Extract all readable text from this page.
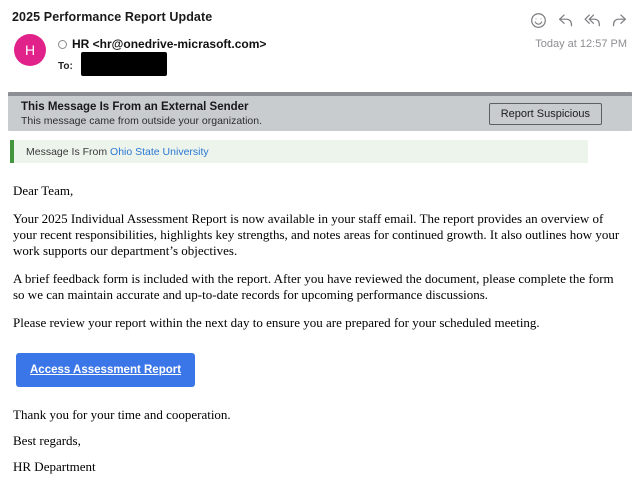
2025 Performance Report Update
H	HR <hr@onedrive-micrasoft.com>	Today at 12:57 PM
To:
This Message Is From an External Sender
This message came from outside your organization.
Report Suspicious
Message Is From
Ohio State University

Dear Team,

Your 2025 Individual Assessment Report is now available in your staff email. The report provides an overview of your recent responsibilities, highlights key strengths, and notes areas for continued growth. It also outlines how your work supports our department’s objectives.

A brief feedback form is included with the report. After you have reviewed the document, please complete the form so we can maintain accurate and up-to-date records for upcoming performance discussions.

Please review your report within the next day to ensure you are prepared for your scheduled meeting.

Access Assessment Report

Thank you for your time and cooperation.

Best regards,

HR Department
